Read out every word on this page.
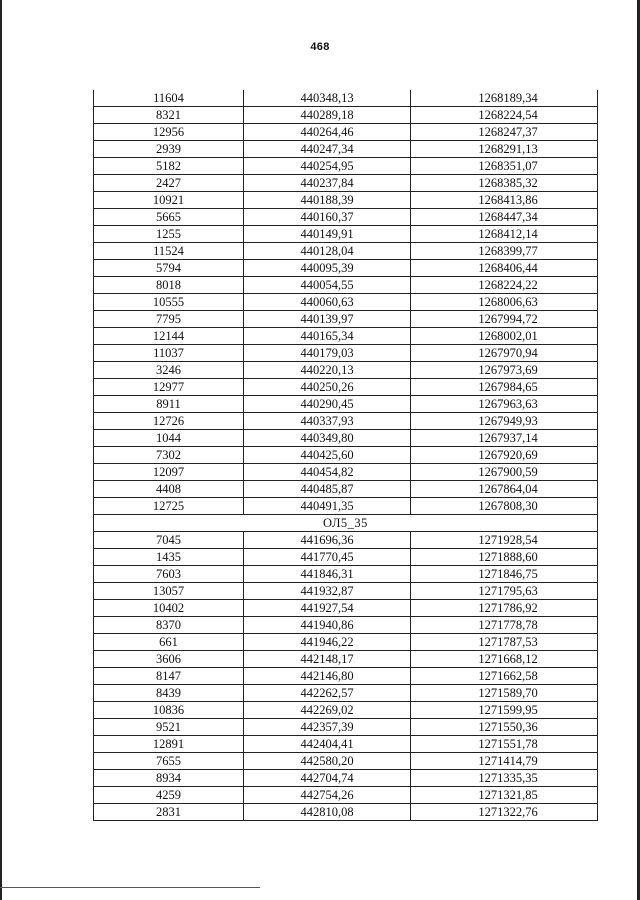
468
11604	440348,13	1268189,34
8321	440289,18	1268224,54
12956	440264,46	1268247,37
2939	440247,34	1268291,13
5182	440254,95	1268351,07
2427	440237,84	1268385,32
10921	440188,39	1268413,86
5665	440160,37	1268447,34
1255	440149,91	1268412,14
11524	440128,04	1268399,77
5794	440095,39	1268406,44
8018	440054,55	1268224,22
10555	440060,63	1268006,63
7795	440139,97	1267994,72
12144	440165,34	1268002,01
11037	440179,03	1267970,94
3246	440220,13	1267973,69
12977	440250,26	1267984,65
8911	440290,45	1267963,63
12726	440337,93	1267949,93
1044	440349,80	1267937,14
7302	440425,60	1267920,69
12097	440454,82	1267900,59
4408	440485,87	1267864,04
12725	440491,35	1267808,30
ОЛ5_35		
7045	441696,36	1271928,54
1435	441770,45	1271888,60
7603	441846,31	1271846,75
13057	441932,87	1271795,63
10402	441927,54	1271786,92
8370	441940,86	1271778,78
661	441946,22	1271787,53
3606	442148,17	1271668,12
8147	442146,80	1271662,58
8439	442262,57	1271589,70
10836	442269,02	1271599,95
9521	442357,39	1271550,36
12891	442404,41	1271551,78
7655	442580,20	1271414,79
8934	442704,74	1271335,35
4259	442754,26	1271321,85
2831	442810,08	1271322,76
